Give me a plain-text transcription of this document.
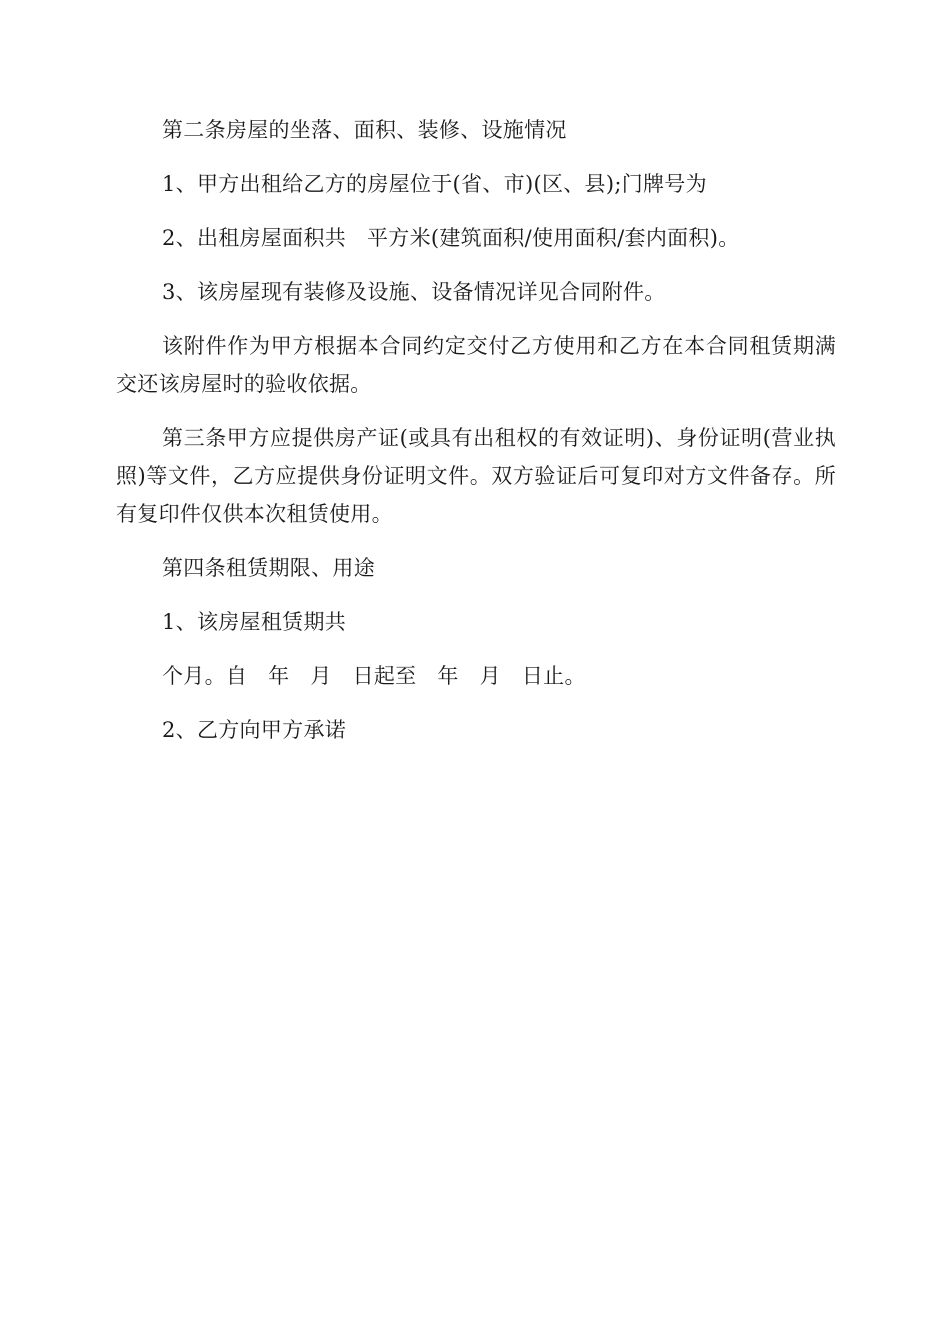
第二条房屋的坐落、面积、装修、设施情况

1、甲方出租给乙方的房屋位于(省、市)(区、县);门牌号为

2、出租房屋面积共   平方米(建筑面积/使用面积/套内面积)。

3、该房屋现有装修及设施、设备情况详见合同附件。

该附件作为甲方根据本合同约定交付乙方使用和乙方在本合同租赁期满交还该房屋时的验收依据。

第三条甲方应提供房产证(或具有出租权的有效证明)、身份证明(营业执照)等文件，乙方应提供身份证明文件。双方验证后可复印对方文件备存。所有复印件仅供本次租赁使用。

第四条租赁期限、用途

1、该房屋租赁期共

个月。自   年   月   日起至   年   月   日止。

2、乙方向甲方承诺
